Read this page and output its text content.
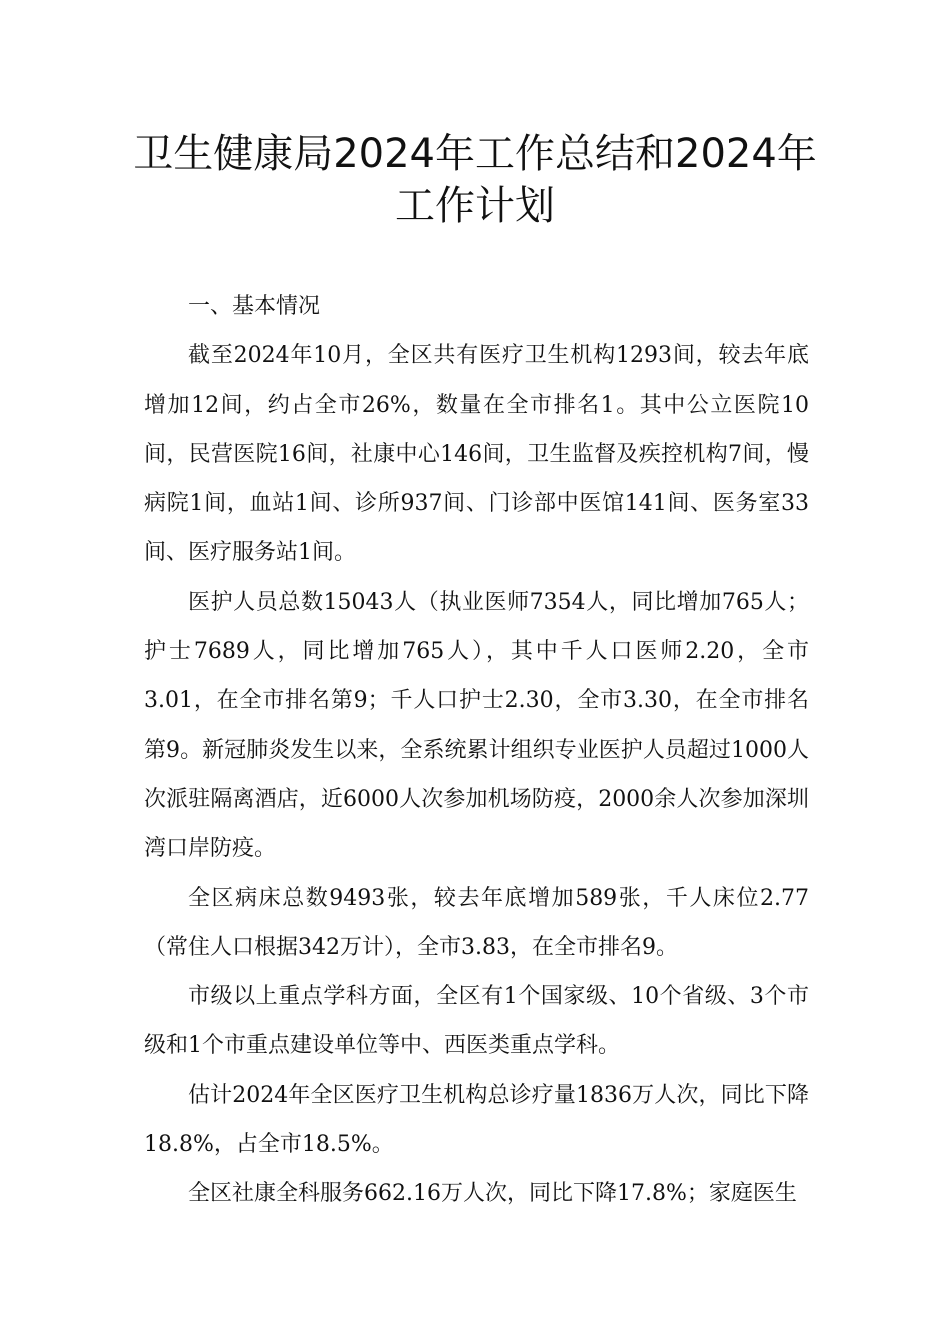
卫生健康局2024年工作总结和2024年
工作计划

一、基本情况

截至2024年10月，全区共有医疗卫生机构1293间，较去年底增加12间，约占全市26%，数量在全市排名1。其中公立医院10间，民营医院16间，社康中心146间，卫生监督及疾控机构7间，慢病院1间，血站1间、诊所937间、门诊部中医馆141间、医务室33间、医疗服务站1间。

医护人员总数15043人（执业医师7354人，同比增加765人；护士7689人，同比增加765人），其中千人口医师2.20，全市3.01，在全市排名第9；千人口护士2.30，全市3.30，在全市排名第9。新冠肺炎发生以来，全系统累计组织专业医护人员超过1000人次派驻隔离酒店，近6000人次参加机场防疫，2000余人次参加深圳湾口岸防疫。

全区病床总数9493张，较去年底增加589张，千人床位2.77（常住人口根据342万计），全市3.83，在全市排名9。

市级以上重点学科方面，全区有1个国家级、10个省级、3个市级和1个市重点建设单位等中、西医类重点学科。

估计2024年全区医疗卫生机构总诊疗量1836万人次，同比下降18.8%，占全市18.5%。

全区社康全科服务662.16万人次，同比下降17.8%；家庭医生
